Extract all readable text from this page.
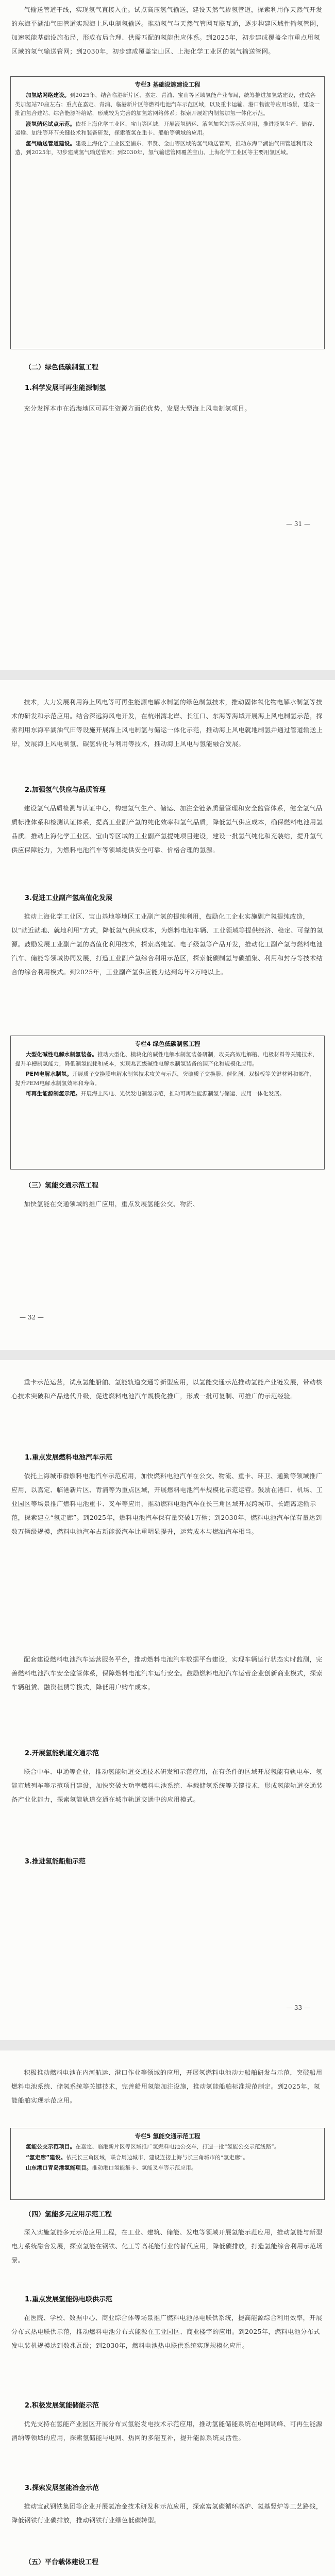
气输送管道干线，实现氢气直接入企。试点高压氢气输送，建设天然气掺氢管道，探索利用作天然气开发的东海平湖油气田管道实现海上风电制氢输送。推动氢气与天然气管网互联互通，逐步构建区域性输氢管网，加速氢能基础设施布局，形成布局合理、供需匹配的氢能供应体系。到2025年，初步建成覆盖全市重点用氢区域的氢气输送管网；到2030年，初步建成覆盖宝山区、上海化学工业区的氢气输送管网。
专栏3 基础设施建设工程

加氢站网络建设。到2025年，结合临港新片区、嘉定、青浦、宝山等区域氢能产业布局，统筹推进加氢站建设，建成各类加氢站70座左右；重点在嘉定、青浦、临港新片区等燃料电池汽车示范区域，以及重卡运输、港口物流等应用场景，建设一批油氢合建站、综合能源补给站，形成较为完善的加氢站网络体系；探索开展站内制氢加氢一体化示范。

液氢储运试点示范。依托上海化学工业区、宝山等区域，开展液氢储运、液氢加氢站等示范应用，推进液氢生产、储存、运输、加注等环节关键技术和装备研发，探索液氢在重卡、船舶等领域的应用。

氢气输送管道建设。建设上海化学工业区至浦东、奉贤、金山等区域的氢气输送管网，推动东海平湖油气田管道利用改造，到2025年，初步建成氢气输送管网；到2030年，氢气输送管网覆盖宝山、上海化学工业区等主要用氢区域。

（二）绿色低碳制氢工程
1.科学发展可再生能源制氢
充分发挥本市在沿海地区可再生资源方面的优势，发展大型海上风电制氢项目。
— 31 —
技术，大力发展利用海上风电等可再生能源电解水制氢的绿色制氢技术，推动固体氧化物电解水制氢等技术的研发和示范应用。结合深远海风电开发，在杭州湾北岸、长江口、东海等海域开展海上风电制氢示范，探索利用东海平湖油气田等设施开展海上风电制氢与储运一体化示范，推动海上风电就地制氢并通过管道输送上岸，发展海上风电制氢、碳氢转化与利用等技术，推动海上风电与氢能融合发展。
2.加强氢气供应与品质管理
建设氢气品质检测与认证中心，构建氢气生产、储运、加注全链条质量管理和安全监管体系，健全氢气品质标准体系和检测认证体系，提高工业副产氢的纯化效率和氢气品质，降低氢气供应成本，确保燃料电池用氢品质。推动上海化学工业区、宝山等区域的工业副产氢提纯项目建设，建设一批氢气纯化和充装站，提升氢气供应保障能力，为燃料电池汽车等领域提供安全可靠、价格合理的氢源。
3.促进工业副产氢高值化发展
推动上海化学工业区、宝山基地等地区工业副产氢的提纯利用，鼓励化工企业实施副产氢提纯改造，以“就近就地、就地利用”方式，降低氢气供应成本，为燃料电池车辆、工业领域等提供经济、稳定、可靠的氢源。鼓励发展工业副产氢的高值化利用技术，探索高纯氢、电子级氢等产品开发，推动化工副产氢与燃料电池汽车、储能等领域协同发展，打造工业副产氢综合利用示范区，探索低碳制氢与碳捕集、利用和封存等技术结合的综合利用模式。到2025年，工业副产氢供应能力达到每年2万吨以上。
专栏4 绿色低碳制氢工程

大型化碱性电解水制氢装备。推动大型化、模块化的碱性电解水制氢装备研制，攻关高效电解槽、电极材料等关键技术，提升单槽制氢能力，降低制氢能耗和成本，实现兆瓦级碱性电解水制氢装备的国产化和规模化应用。

PEM电解水制氢。开展质子交换膜电解水制氢技术攻关与示范，突破质子交换膜、催化剂、双极板等关键材料和部件，提升PEM电解水制氢效率和寿命。

可再生能源制氢示范。开展海上风电、光伏发电制氢示范，推动可再生能源制氢与储运、应用一体化发展。

（三）氢能交通示范工程
加快氢能在交通领域的推广应用，重点发展氢能公交、物流、
— 32 —
重卡示范运营，试点氢能船舶、氢能轨道交通等新型应用，以氢能交通示范推动氢能产业链发展，带动核心技术突破和产品迭代升级，促进燃料电池汽车规模化推广，形成一批可复制、可推广的示范经验。
1.重点发展燃料电池汽车示范
依托上海城市群燃料电池汽车示范应用，加快燃料电池汽车在公交、物流、重卡、环卫、通勤等领域推广应用，以嘉定、临港新片区、青浦等为重点区域，开展燃料电池汽车规模化示范运营。鼓励在港口、机场、工业园区等场景推广燃料电池重卡、叉车等应用，推动燃料电池汽车在长三角区域开展跨城市、长距离运输示范，探索建立“氢走廊”。到2025年，燃料电池汽车保有量突破1万辆；到2030年，燃料电池汽车保有量达到数万辆级规模，燃料电池汽车占新能源汽车比重明显提升，运营成本与燃油汽车相当。
配套建设燃料电池汽车运营服务平台，推动燃料电池汽车数据平台建设，实现车辆运行状态实时监测，完善燃料电池汽车安全监管体系，保障燃料电池汽车运行安全。鼓励燃料电池汽车运营企业创新商业模式，探索车辆租赁、融资租赁等模式，降低用户购车成本。
2.开展氢能轨道交通示范
联合中车、申通等企业，推动氢能轨道交通技术研发和示范应用，在有条件的区域开展氢能有轨电车、氢能市域列车等示范项目建设，加快突破大功率燃料电池系统、车载储氢系统等关键技术，形成氢能轨道交通装备产业化能力，探索氢能轨道交通在城市轨道交通中的应用模式。
3.推进氢能船舶示范
— 33 —
积极推动燃料电池在内河航运、港口作业等领域的应用，开展氢燃料电池动力船舶研发与示范，突破船用燃料电池系统、储氢系统等关键技术，完善船用氢能加注设施，推动氢能船舶标准规范制定。到2025年，氢能船舶实现示范应用。
专栏5 氢能交通示范工程

氢能公交示范项目。在嘉定、临港新片区等区域推广氢燃料电池公交车，打造一批“氢能公交示范线路”。

“氢走廊”建设。依托长三角区域，联合周边城市，建设连接上海与长三角城市的“氢走廊”。

山东港口青岛港氢能项目。推动港口氢能集卡、氢能叉车等示范应用。

（四）氢能多元应用示范工程
深入实施氢能多元示范应用工程，在工业、建筑、储能、发电等领域开展氢能示范应用，推动氢能与新型电力系统融合发展，探索氢能在钢铁、化工等高耗能行业的替代应用，降低碳排放，打造氢能综合利用示范场景。
1.重点发展氢能热电联供示范
在医院、学校、数据中心、商业综合体等场景推广燃料电池热电联供系统，提高能源综合利用效率，开展分布式热电联供示范，推动燃料电池分布式能源在工业园区、商业楼宇的应用。到2025年，燃料电池分布式发电装机规模达到数兆瓦级；到2030年，燃料电池热电联供系统实现规模化应用。
2.积极发展氢能储能示范
优先支持在氢能产业园区开展分布式氢能发电技术示范应用，推动氢能储能系统在电网调峰、可再生能源消纳等领域的应用，探索氢储能与电网、热网的多能互补，提升能源系统灵活性。
3.探索发展氢能冶金示范
推动宝武钢铁集团等企业开展氢冶金技术研发和示范应用，探索富氢碳循环高炉、氢基竖炉等工艺路线，降低钢铁行业碳排放，推动钢铁行业绿色低碳转型。
（五）平台载体建设工程
